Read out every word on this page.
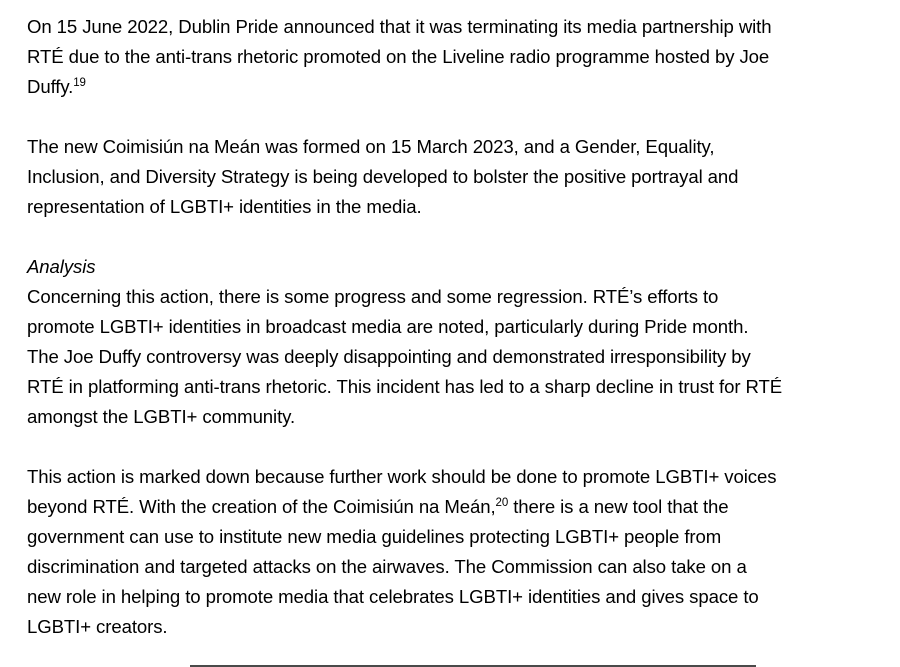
On 15 June 2022, Dublin Pride announced that it was terminating its media partnership with
RTÉ due to the anti-trans rhetoric promoted on the Liveline radio programme hosted by Joe
Duffy.$^{19}$

The new Coimisiún na Meán was formed on 15 March 2023, and a Gender, Equality,
Inclusion, and Diversity Strategy is being developed to bolster the positive portrayal and
representation of LGBTI+ identities in the media.

Analysis

Concerning this action, there is some progress and some regression. RTÉ’s efforts to
promote LGBTI+ identities in broadcast media are noted, particularly during Pride month.
The Joe Duffy controversy was deeply disappointing and demonstrated irresponsibility by
RTÉ in platforming anti-trans rhetoric. This incident has led to a sharp decline in trust for RTÉ
amongst the LGBTI+ community.

This action is marked down because further work should be done to promote LGBTI+ voices
beyond RTÉ. With the creation of the Coimisiún na Meán,$^{20}$ there is a new tool that the
government can use to institute new media guidelines protecting LGBTI+ people from
discrimination and targeted attacks on the airwaves. The Commission can also take on a
new role in helping to promote media that celebrates LGBTI+ identities and gives space to
LGBTI+ creators.
